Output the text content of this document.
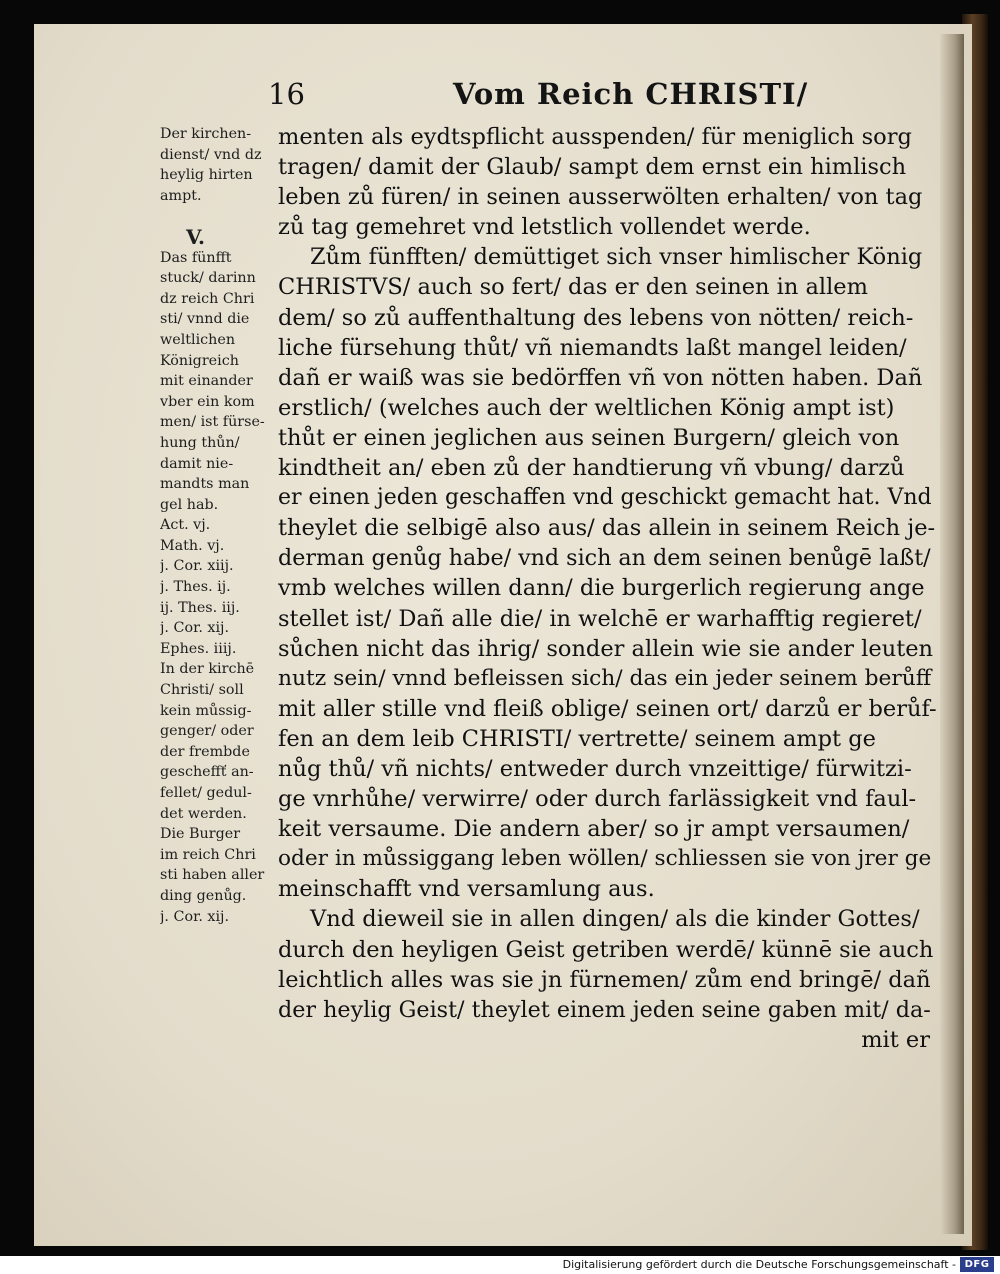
16	Vom Reich CHRISTI/
Der kirchen-
dienst/ vnd dz
heylig hirten
ampt.
V.
Das fünfft
stuck/ darinn
dz reich Chri
sti/ vnnd die
weltlichen
Königreich
mit einander
vber ein kom
men/ ist fürse-
hung thůn/
damit nie-
mandts man
gel hab.
Act. vj.
Math. vj.
j. Cor. xiij.
j. Thes. ij.
ij. Thes. iij.
j. Cor. xij.
Ephes. iiij.
In der kirchē
Christi/ soll
kein můssig-
genger/ oder
der frembde
gescheffť an-
fellet/ gedul-
det werden.
Die Burger
im reich Chri
sti haben aller
ding genůg.
j. Cor. xij.
menten als eydtspflicht ausspenden/ für meniglich sorg
tragen/ damit der Glaub/ sampt dem ernst ein himlisch
leben zů füren/ in seinen ausserwölten erhalten/ von tag
zů tag gemehret vnd letstlich vollendet werde.
Zům fünfften/ demüttiget sich vnser himlischer König
CHRISTVS/ auch so fert/ das er den seinen in allem
dem/ so zů auffenthaltung des lebens von nötten/ reich-
liche fürsehung thůt/ vñ niemandts laßt mangel leiden/
dañ er waiß was sie bedörffen vñ von nötten haben. Dañ
erstlich/ (welches auch der weltlichen König ampt ist)
thůt er einen jeglichen aus seinen Burgern/ gleich von
kindtheit an/ eben zů der handtierung vñ vbung/ darzů
er einen jeden geschaffen vnd geschickt gemacht hat. Vnd
theylet die selbigē also aus/ das allein in seinem Reich je-
derman genůg habe/ vnd sich an dem seinen benůgē laßt/
vmb welches willen dann/ die burgerlich regierung ange
stellet ist/ Dañ alle die/ in welchē er warhafftig regieret/
sůchen nicht das ihrig/ sonder allein wie sie ander leuten
nutz sein/ vnnd befleissen sich/ das ein jeder seinem berůff
mit aller stille vnd fleiß oblige/ seinen ort/ darzů er berůf-
fen an dem leib CHRISTI/ vertrette/ seinem ampt ge
nůg thů/ vñ nichts/ entweder durch vnzeittige/ fürwitzi-
ge vnrhůhe/ verwirre/ oder durch farlässigkeit vnd faul-
keit versaume. Die andern aber/ so jr ampt versaumen/
oder in můssiggang leben wöllen/ schliessen sie von jrer ge
meinschafft vnd versamlung aus.
Vnd dieweil sie in allen dingen/ als die kinder Gottes/
durch den heyligen Geist getriben werdē/ künnē sie auch
leichtlich alles was sie jn fürnemen/ zům end bringē/ dañ
der heylig Geist/ theylet einem jeden seine gaben mit/ da-
mit er
Digitalisierung gefördert durch die Deutsche Forschungsgemeinschaft - DFG
